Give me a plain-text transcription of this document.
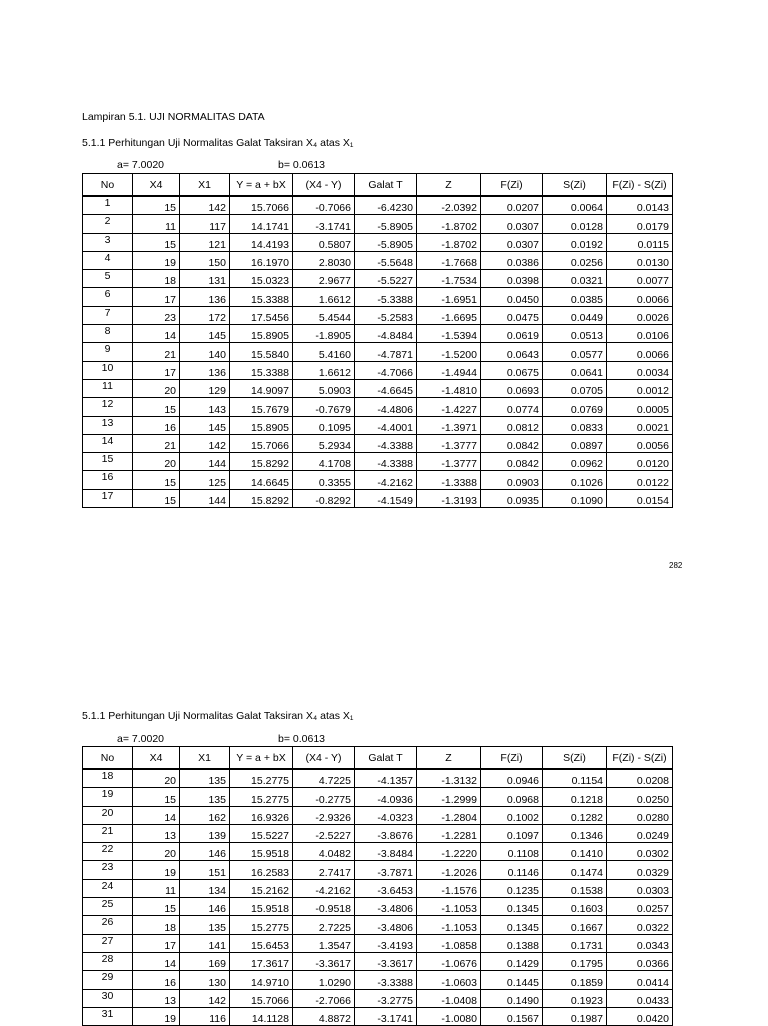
Lampiran 5.1. UJI NORMALITAS DATA
5.1.1 Perhitungan Uji Normalitas Galat Taksiran X₄ atas X₁
a= 7.0020	b= 0.0613
No	X4	X1	Y = a + bX	(X4 - Y)	Galat T	Z	F(Zi)	S(Zi)	F(Zi) - S(Zi)
1	15	142	15.7066	-0.7066	-6.4230	-2.0392	0.0207	0.0064	0.0143
2	11	117	14.1741	-3.1741	-5.8905	-1.8702	0.0307	0.0128	0.0179
3	15	121	14.4193	0.5807	-5.8905	-1.8702	0.0307	0.0192	0.0115
4	19	150	16.1970	2.8030	-5.5648	-1.7668	0.0386	0.0256	0.0130
5	18	131	15.0323	2.9677	-5.5227	-1.7534	0.0398	0.0321	0.0077
6	17	136	15.3388	1.6612	-5.3388	-1.6951	0.0450	0.0385	0.0066
7	23	172	17.5456	5.4544	-5.2583	-1.6695	0.0475	0.0449	0.0026
8	14	145	15.8905	-1.8905	-4.8484	-1.5394	0.0619	0.0513	0.0106
9	21	140	15.5840	5.4160	-4.7871	-1.5200	0.0643	0.0577	0.0066
10	17	136	15.3388	1.6612	-4.7066	-1.4944	0.0675	0.0641	0.0034
11	20	129	14.9097	5.0903	-4.6645	-1.4810	0.0693	0.0705	0.0012
12	15	143	15.7679	-0.7679	-4.4806	-1.4227	0.0774	0.0769	0.0005
13	16	145	15.8905	0.1095	-4.4001	-1.3971	0.0812	0.0833	0.0021
14	21	142	15.7066	5.2934	-4.3388	-1.3777	0.0842	0.0897	0.0056
15	20	144	15.8292	4.1708	-4.3388	-1.3777	0.0842	0.0962	0.0120
16	15	125	14.6645	0.3355	-4.2162	-1.3388	0.0903	0.1026	0.0122
17	15	144	15.8292	-0.8292	-4.1549	-1.3193	0.0935	0.1090	0.0154
282
5.1.1 Perhitungan Uji Normalitas Galat Taksiran X₄ atas X₁
a= 7.0020	b= 0.0613
No	X4	X1	Y = a + bX	(X4 - Y)	Galat T	Z	F(Zi)	S(Zi)	F(Zi) - S(Zi)
18	20	135	15.2775	4.7225	-4.1357	-1.3132	0.0946	0.1154	0.0208
19	15	135	15.2775	-0.2775	-4.0936	-1.2999	0.0968	0.1218	0.0250
20	14	162	16.9326	-2.9326	-4.0323	-1.2804	0.1002	0.1282	0.0280
21	13	139	15.5227	-2.5227	-3.8676	-1.2281	0.1097	0.1346	0.0249
22	20	146	15.9518	4.0482	-3.8484	-1.2220	0.1108	0.1410	0.0302
23	19	151	16.2583	2.7417	-3.7871	-1.2026	0.1146	0.1474	0.0329
24	11	134	15.2162	-4.2162	-3.6453	-1.1576	0.1235	0.1538	0.0303
25	15	146	15.9518	-0.9518	-3.4806	-1.1053	0.1345	0.1603	0.0257
26	18	135	15.2775	2.7225	-3.4806	-1.1053	0.1345	0.1667	0.0322
27	17	141	15.6453	1.3547	-3.4193	-1.0858	0.1388	0.1731	0.0343
28	14	169	17.3617	-3.3617	-3.3617	-1.0676	0.1429	0.1795	0.0366
29	16	130	14.9710	1.0290	-3.3388	-1.0603	0.1445	0.1859	0.0414
30	13	142	15.7066	-2.7066	-3.2775	-1.0408	0.1490	0.1923	0.0433
31	19	116	14.1128	4.8872	-3.1741	-1.0080	0.1567	0.1987	0.0420
